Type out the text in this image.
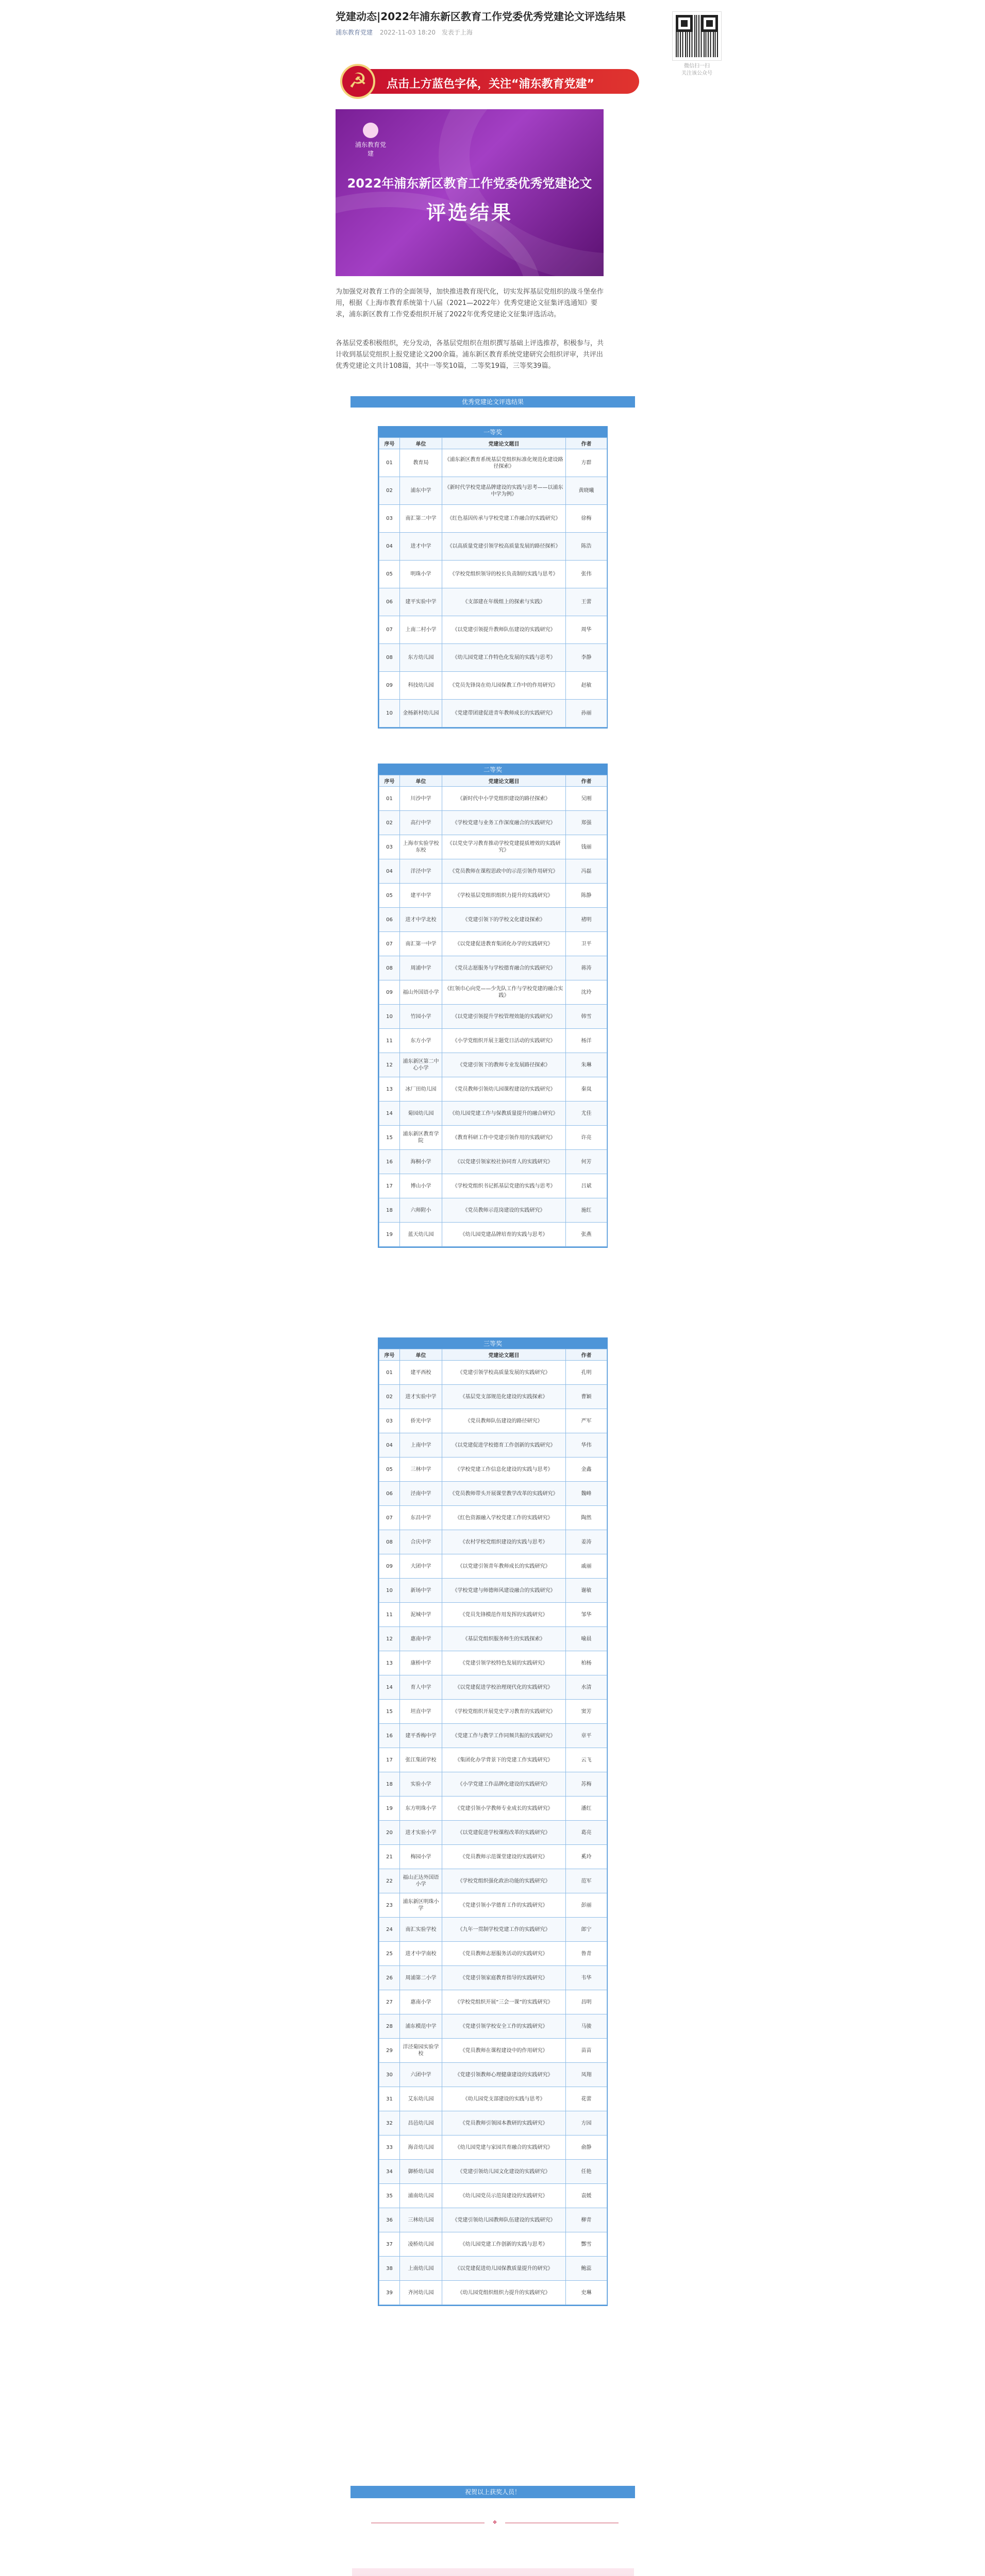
党建动态|2022年浦东新区教育工作党委优秀党建论文评选结果
浦东教育党建 2022-11-03 18:20 发表于上海
微信扫一扫
关注该公众号
☭
点击上方蓝色字体，关注“浦东教育党建”
浦东教育党建
2022年浦东新区教育工作党委优秀党建论文
评选结果

为加强党对教育工作的全面领导，加快推进教育现代化，切实发挥基层党组织的战斗堡垒作用，根据《上海市教育系统第十八届（2021—2022年）优秀党建论文征集评选通知》要求，浦东新区教育工作党委组织开展了2022年优秀党建论文征集评选活动。

各基层党委积极组织，充分发动，各基层党组织在组织撰写基础上评选推荐，积极参与，共计收到基层党组织上报党建论文200余篇。浦东新区教育系统党建研究会组织评审，共评出优秀党建论文共计108篇，其中一等奖10篇，二等奖19篇，三等奖39篇。

优秀党建论文评选结果
一等奖
序号	单位	党建论文题目	作者
01	教育局	《浦东新区教育系统基层党组织标准化规范化建设路径探索》	方群
02	浦东中学	《新时代学校党建品牌建设的实践与思考——以浦东中学为例》	黄晓曦
03	南汇第二中学	《红色基因传承与学校党建工作融合的实践研究》	徐梅
04	进才中学	《以高质量党建引领学校高质量发展的路径探析》	陈浩
05	明珠小学	《学校党组织领导的校长负责制的实践与思考》	张伟
06	建平实验中学	《支部建在年级组上的探索与实践》	王蕾
07	上南二村小学	《以党建引领提升教师队伍建设的实践研究》	周华
08	东方幼儿园	《幼儿园党建工作特色化发展的实践与思考》	李静
09	科技幼儿园	《党员先锋岗在幼儿园保教工作中的作用研究》	赵敏
10	金杨新村幼儿园	《党建带团建促进青年教师成长的实践研究》	孙丽
二等奖
序号	单位	党建论文题目	作者
01	川沙中学	《新时代中小学党组织建设的路径探索》	吴刚
02	高行中学	《学校党建与业务工作深度融合的实践研究》	郑强
03	上海市实验学校东校	《以党史学习教育推动学校党建提质增效的实践研究》	钱丽
04	洋泾中学	《党员教师在课程思政中的示范引领作用研究》	冯磊
05	建平中学	《学校基层党组织组织力提升的实践研究》	陈静
06	进才中学北校	《党建引领下的学校文化建设探索》	褚明
07	南汇第一中学	《以党建促进教育集团化办学的实践研究》	卫平
08	周浦中学	《党员志愿服务与学校德育融合的实践研究》	蒋涛
09	福山外国语小学	《红领巾心向党——少先队工作与学校党建的融合实践》	沈玲
10	竹园小学	《以党建引领提升学校管理效能的实践研究》	韩雪
11	东方小学	《小学党组织开展主题党日活动的实践研究》	杨洋
12	浦东新区第二中心小学	《党建引领下的教师专业发展路径探索》	朱琳
13	冰厂田幼儿园	《党员教师引领幼儿园课程建设的实践研究》	秦岚
14	菊园幼儿园	《幼儿园党建工作与保教质量提升的融合研究》	尤佳
15	浦东新区教育学院	《教育科研工作中党建引领作用的实践研究》	许亮
16	海桐小学	《以党建引领家校社协同育人的实践研究》	何芳
17	博山小学	《学校党组织书记抓基层党建的实践与思考》	吕斌
18	六师附小	《党员教师示范岗建设的实践研究》	施红
19	蓝天幼儿园	《幼儿园党建品牌培育的实践与思考》	张燕
三等奖
序号	单位	党建论文题目	作者
01	建平西校	《党建引领学校高质量发展的实践研究》	孔明
02	进才实验中学	《基层党支部规范化建设的实践探索》	曹颖
03	侨光中学	《党员教师队伍建设的路径研究》	严军
04	上南中学	《以党建促进学校德育工作创新的实践研究》	华伟
05	三林中学	《学校党建工作信息化建设的实践与思考》	金鑫
06	泾南中学	《党员教师带头开展课堂教学改革的实践研究》	魏峰
07	东昌中学	《红色资源融入学校党建工作的实践研究》	陶然
08	合庆中学	《农村学校党组织建设的实践与思考》	姜涛
09	大团中学	《以党建引领青年教师成长的实践研究》	戚丽
10	新场中学	《学校党建与师德师风建设融合的实践研究》	谢敏
11	泥城中学	《党员先锋模范作用发挥的实践研究》	邹华
12	惠南中学	《基层党组织服务师生的实践探索》	喻晨
13	康桥中学	《党建引领学校特色发展的实践研究》	柏杨
14	育人中学	《以党建促进学校治理现代化的实践研究》	水清
15	坦直中学	《学校党组织开展党史学习教育的实践研究》	窦芳
16	建平香梅中学	《党建工作与教学工作同频共振的实践研究》	章平
17	张江集团学校	《集团化办学背景下的党建工作实践研究》	云飞
18	实验小学	《小学党建工作品牌化建设的实践研究》	苏梅
19	东方明珠小学	《党建引领小学教师专业成长的实践研究》	潘红
20	进才实验小学	《以党建促进学校课程改革的实践研究》	葛亮
21	梅园小学	《党员教师示范课堂建设的实践研究》	奚玲
22	福山正达外国语小学	《学校党组织强化政治功能的实践研究》	范军
23	浦东新区明珠小学	《党建引领小学德育工作的实践研究》	彭丽
24	南汇实验学校	《九年一贯制学校党建工作的实践研究》	郎宁
25	进才中学南校	《党员教师志愿服务活动的实践研究》	鲁青
26	周浦第二小学	《党建引领家庭教育指导的实践研究》	韦华
27	惠南小学	《学校党组织开展“三会一课”的实践研究》	昌明
28	浦东模范中学	《党建引领学校安全工作的实践研究》	马骏
29	洋泾菊园实验学校	《党员教师在课程建设中的作用研究》	苗苗
30	六团中学	《党建引领教师心理健康建设的实践研究》	凤翔
31	艾东幼儿园	《幼儿园党支部建设的实践与思考》	花蕾
32	昌邑幼儿园	《党员教师引领园本教研的实践研究》	方园
33	海音幼儿园	《幼儿园党建与家园共育融合的实践研究》	俞静
34	御桥幼儿园	《党建引领幼儿园文化建设的实践研究》	任艳
35	浦南幼儿园	《幼儿园党员示范岗建设的实践研究》	袁媛
36	三林幼儿园	《党建引领幼儿园教师队伍建设的实践研究》	柳青
37	凌桥幼儿园	《幼儿园党建工作创新的实践与思考》	酆雪
38	上南幼儿园	《以党建促进幼儿园保教质量提升的研究》	鲍蕊
39	齐河幼儿园	《幼儿园党组织组织力提升的实践研究》	史琳
祝贺以上获奖人员！
❖
